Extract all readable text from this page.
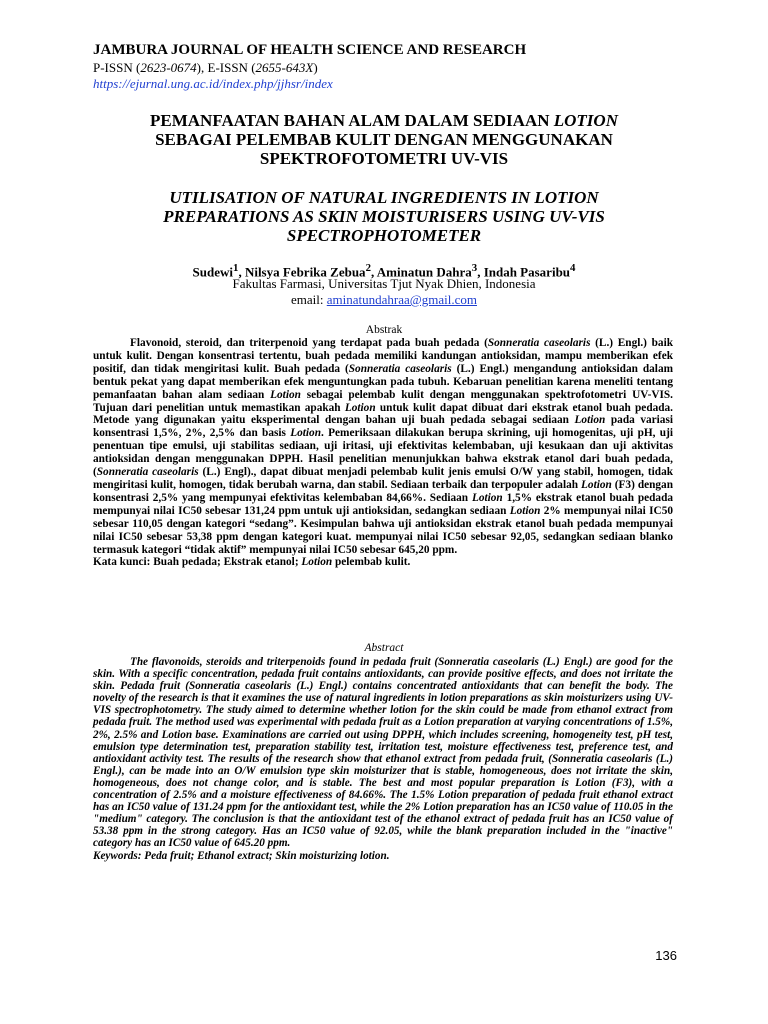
JAMBURA JOURNAL OF HEALTH SCIENCE AND RESEARCH
P-ISSN (2623-0674), E-ISSN (2655-643X)
https://ejurnal.ung.ac.id/index.php/jjhsr/index
PEMANFAATAN BAHAN ALAM DALAM SEDIAAN LOTION
SEBAGAI PELEMBAB KULIT DENGAN MENGGUNAKAN
SPEKTROFOTOMETRI UV-VIS
UTILISATION OF NATURAL INGREDIENTS IN LOTION
PREPARATIONS AS SKIN MOISTURISERS USING UV-VIS
SPECTROPHOTOMETER
Sudewi$^1$, Nilsya Febrika Zebua$^2$, Aminatun Dahra$^3$, Indah Pasaribu$^4$
Fakultas Farmasi, Universitas Tjut Nyak Dhien, Indonesia
email: aminatundahraa@gmail.com
Abstrak

Flavonoid, steroid, dan triterpenoid yang terdapat pada buah pedada (Sonneratia caseolaris (L.) Engl.) baik untuk kulit. Dengan konsentrasi tertentu, buah pedada memiliki kandungan antioksidan, mampu memberikan efek positif, dan tidak mengiritasi kulit. Buah pedada (Sonneratia caseolaris (L.) Engl.) mengandung antioksidan dalam bentuk pekat yang dapat memberikan efek menguntungkan pada tubuh. Kebaruan penelitian karena meneliti tentang pemanfaatan bahan alam sediaan Lotion sebagai pelembab kulit dengan menggunakan spektrofotometri UV-VIS. Tujuan dari penelitian untuk memastikan apakah Lotion untuk kulit dapat dibuat dari ekstrak etanol buah pedada. Metode yang digunakan yaitu eksperimental dengan bahan uji buah pedada sebagai sediaan Lotion pada variasi konsentrasi 1,5%, 2%, 2,5% dan basis Lotion. Pemeriksaan dilakukan berupa skrining, uji homogenitas, uji pH, uji penentuan tipe emulsi, uji stabilitas sediaan, uji iritasi, uji efektivitas kelembaban, uji kesukaan dan uji aktivitas antioksidan dengan menggunakan DPPH. Hasil penelitian menunjukkan bahwa ekstrak etanol dari buah pedada, (Sonneratia caseolaris (L.) Engl)., dapat dibuat menjadi pelembab kulit jenis emulsi O/W yang stabil, homogen, tidak mengiritasi kulit, homogen, tidak berubah warna, dan stabil. Sediaan terbaik dan terpopuler adalah Lotion (F3) dengan konsentrasi 2,5% yang mempunyai efektivitas kelembaban 84,66%. Sediaan Lotion 1,5% ekstrak etanol buah pedada mempunyai nilai IC50 sebesar 131,24 ppm untuk uji antioksidan, sedangkan sediaan Lotion 2% mempunyai nilai IC50 sebesar 110,05 dengan kategori “sedang”. Kesimpulan bahwa uji antioksidan ekstrak etanol buah pedada mempunyai nilai IC50 sebesar 53,38 ppm dengan kategori kuat. mempunyai nilai IC50 sebesar 92,05, sedangkan sediaan blanko termasuk kategori “tidak aktif” mempunyai nilai IC50 sebesar 645,20 ppm.

Kata kunci: Buah pedada; Ekstrak etanol; Lotion pelembab kulit.
Abstract

The flavonoids, steroids and triterpenoids found in pedada fruit (Sonneratia caseolaris (L.) Engl.) are good for the skin. With a specific concentration, pedada fruit contains antioxidants, can provide positive effects, and does not irritate the skin. Pedada fruit (Sonneratia caseolaris (L.) Engl.) contains concentrated antioxidants that can benefit the body. The novelty of the research is that it examines the use of natural ingredients in lotion preparations as skin moisturizers using UV-VIS spectrophotometry. The study aimed to determine whether lotion for the skin could be made from ethanol extract from pedada fruit. The method used was experimental with pedada fruit as a Lotion preparation at varying concentrations of 1.5%, 2%, 2.5% and Lotion base. Examinations are carried out using DPPH, which includes screening, homogeneity test, pH test, emulsion type determination test, preparation stability test, irritation test, moisture effectiveness test, preference test, and antioxidant activity test. The results of the research show that ethanol extract from pedada fruit, (Sonneratia caseolaris (L.) Engl.), can be made into an O/W emulsion type skin moisturizer that is stable, homogeneous, does not irritate the skin, homogeneous, does not change color, and is stable. The best and most popular preparation is Lotion (F3), with a concentration of 2.5% and a moisture effectiveness of 84.66%. The 1.5% Lotion preparation of pedada fruit ethanol extract has an IC50 value of 131.24 ppm for the antioxidant test, while the 2% Lotion preparation has an IC50 value of 110.05 in the "medium" category. The conclusion is that the antioxidant test of the ethanol extract of pedada fruit has an IC50 value of 53.38 ppm in the strong category. Has an IC50 value of 92.05, while the blank preparation included in the "inactive" category has an IC50 value of 645.20 ppm.

Keywords: Peda fruit; Ethanol extract; Skin moisturizing lotion.
136
